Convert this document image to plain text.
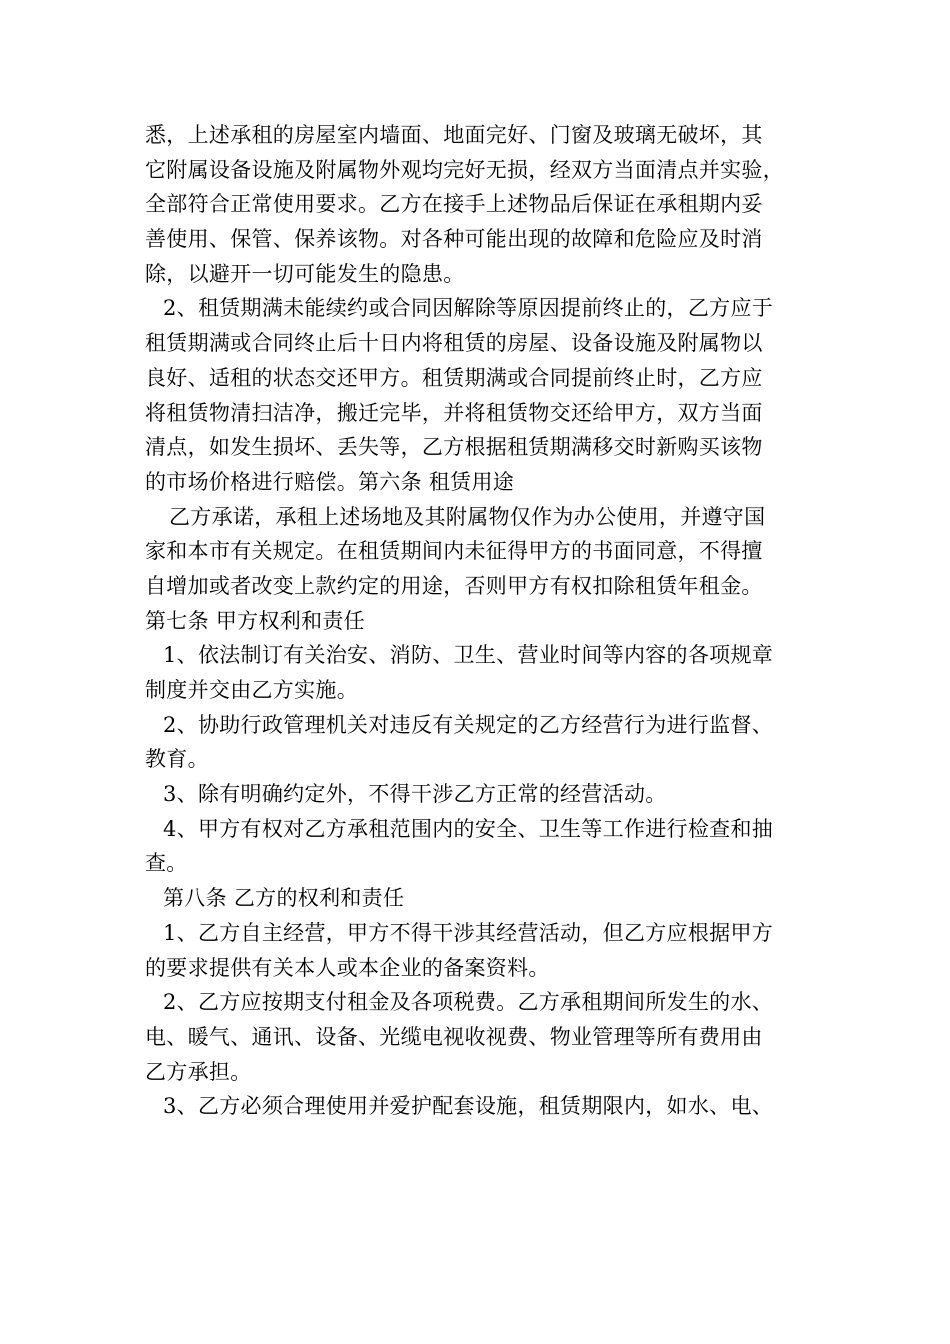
悉，上述承租的房屋室内墙面、地面完好、门窗及玻璃无破坏，其
它附属设备设施及附属物外观均完好无损，经双方当面清点并实验，
全部符合正常使用要求。乙方在接手上述物品后保证在承租期内妥
善使用、保管、保养该物。对各种可能出现的故障和危险应及时消
除，以避开一切可能发生的隐患。
2、租赁期满未能续约或合同因解除等原因提前终止的，乙方应于
租赁期满或合同终止后十日内将租赁的房屋、设备设施及附属物以
良好、适租的状态交还甲方。租赁期满或合同提前终止时，乙方应
将租赁物清扫洁净，搬迁完毕，并将租赁物交还给甲方，双方当面
清点，如发生损坏、丢失等，乙方根据租赁期满移交时新购买该物
的市场价格进行赔偿。第六条 租赁用途
乙方承诺，承租上述场地及其附属物仅作为办公使用，并遵守国
家和本市有关规定。在租赁期间内未征得甲方的书面同意，不得擅
自增加或者改变上款约定的用途，否则甲方有权扣除租赁年租金。
第七条 甲方权利和责任
1、依法制订有关治安、消防、卫生、营业时间等内容的各项规章
制度并交由乙方实施。
2、协助行政管理机关对违反有关规定的乙方经营行为进行监督、
教育。
3、除有明确约定外，不得干涉乙方正常的经营活动。
4、甲方有权对乙方承租范围内的安全、卫生等工作进行检查和抽
查。
第八条 乙方的权利和责任
1、乙方自主经营，甲方不得干涉其经营活动，但乙方应根据甲方
的要求提供有关本人或本企业的备案资料。
2、乙方应按期支付租金及各项税费。乙方承租期间所发生的水、
电、暖气、通讯、设备、光缆电视收视费、物业管理等所有费用由
乙方承担。
3、乙方必须合理使用并爱护配套设施，租赁期限内，如水、电、
